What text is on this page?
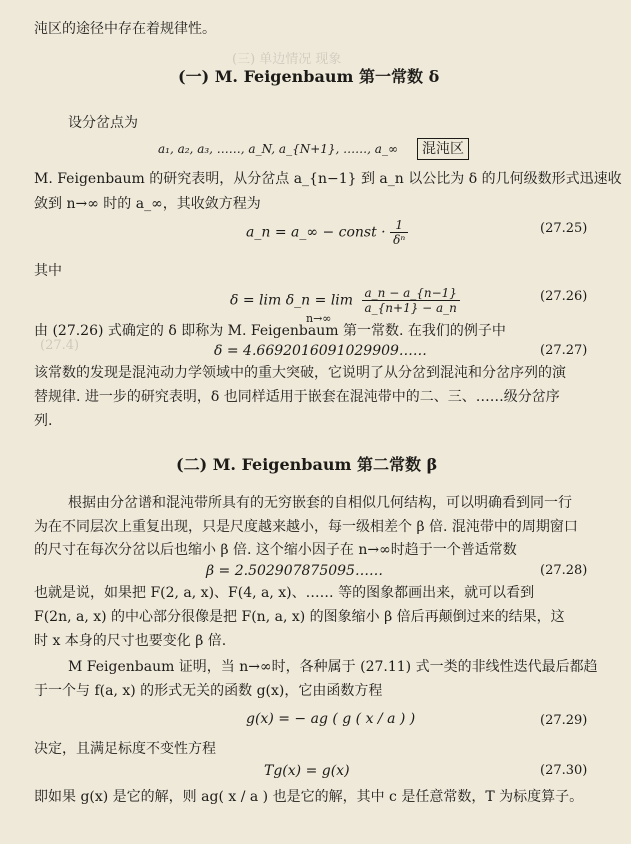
(三) 单边情况 现象
(27.4)
沌区的途径中存在着规律性。
(一) M. Feigenbaum 第一常数 δ
设分岔点为
a₁, a₂, a₃, ……, a_N, a_{N+1}, ……, a_∞	混沌区
M. Feigenbaum 的研究表明，从分岔点 a_{n−1} 到 a_n 以公比为 δ 的几何级数形式迅速收
敛到 n→∞ 时的 a_∞，其收敛方程为
a_n = a_∞ − const · $\frac{1}{\text{δⁿ}}$	(27.25)
其中
δ = lim δ_n = $\lim \frac{a\_n - a\_\{n-1\}}{a\_\{n+1\} - a\_n}$
n→∞
(27.26)
由 (27.26) 式确定的 δ 即称为 M. Feigenbaum 第一常数. 在我们的例子中
δ = 4.6692016091029909……	(27.27)
该常数的发现是混沌动力学领域中的重大突破，它说明了从分岔到混沌和分岔序列的演
替规律. 进一步的研究表明，δ 也同样适用于嵌套在混沌带中的二、三、……级分岔序
列.
(二) M. Feigenbaum 第二常数 β
根据由分岔谱和混沌带所具有的无穷嵌套的自相似几何结构，可以明确看到同一行
为在不同层次上重复出现，只是尺度越来越小，每一级相差个 β 倍. 混沌带中的周期窗口
的尺寸在每次分岔以后也缩小 β 倍. 这个缩小因子在 n→∞时趋于一个普适常数
β = 2.502907875095……	(27.28)
也就是说，如果把 F(2, a, x)、F(4, a, x)、…… 等的图象都画出来，就可以看到
F(2n, a, x) 的中心部分很像是把 F(n, a, x) 的图象缩小 β 倍后再颠倒过来的结果，这
时 x 本身的尺寸也要变化 β 倍.
M Feigenbaum 证明，当 n→∞时，各种属于 (27.11) 式一类的非线性迭代最后都趋
于一个与 f(a, x) 的形式无关的函数 g(x)，它由函数方程
g(x) = − ag ( g ( x / a ) )	(27.29)
决定，且满足标度不变性方程
Tg(x) = g(x)	(27.30)
即如果 g(x) 是它的解，则 ag( x / a ) 也是它的解，其中 c 是任意常数，T 为标度算子。
